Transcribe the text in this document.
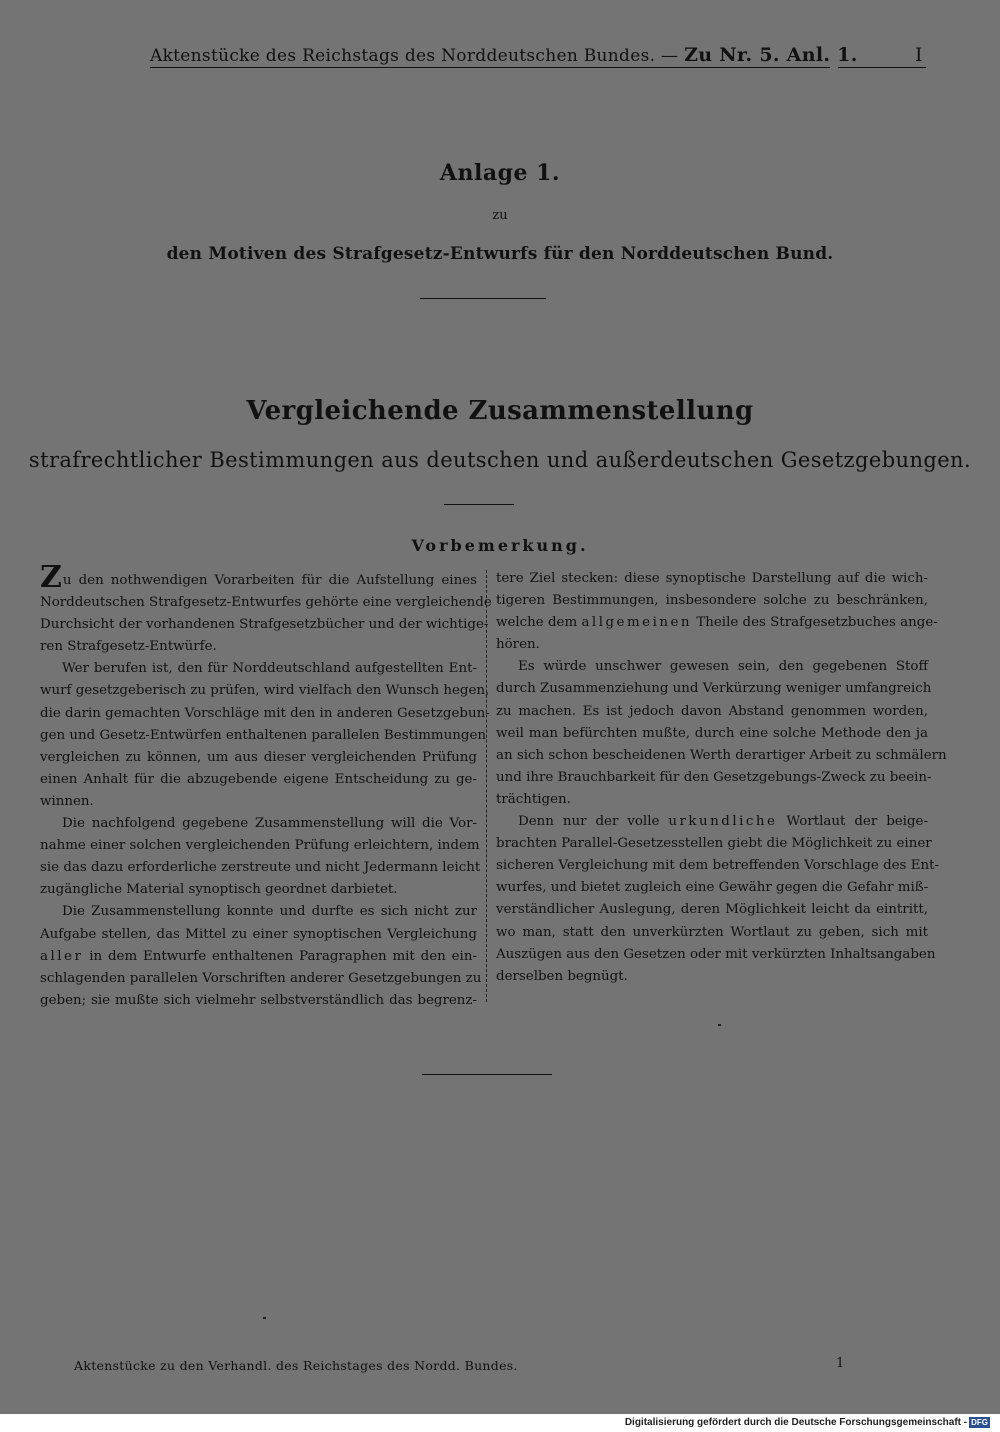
Aktenstücke des Reichstags des Norddeutschen Bundes. — Zu Nr. 5. Anl. 1.	I
Anlage 1.
zu
den Motiven des Strafgesetz-Entwurfs für den Norddeutschen Bund.
Vergleichende Zusammenstellung
strafrechtlicher Bestimmungen aus deutschen und außerdeutschen Gesetzgebungen.
Vorbemerkung.

Zu den nothwendigen Vorarbeiten für die Aufstellung eines

Norddeutschen Strafgesetz-Entwurfes gehörte eine vergleichende

Durchsicht der vorhandenen Strafgesetzbücher und der wichtige-

ren Strafgesetz-Entwürfe.

Wer berufen ist, den für Norddeutschland aufgestellten Ent-

wurf gesetzgeberisch zu prüfen, wird vielfach den Wunsch hegen,

die darin gemachten Vorschläge mit den in anderen Gesetzgebun-

gen und Gesetz-Entwürfen enthaltenen parallelen Bestimmungen

vergleichen zu können, um aus dieser vergleichenden Prüfung

einen Anhalt für die abzugebende eigene Entscheidung zu ge-

winnen.

Die nachfolgend gegebene Zusammenstellung will die Vor-

nahme einer solchen vergleichenden Prüfung erleichtern, indem

sie das dazu erforderliche zerstreute und nicht Jedermann leicht

zugängliche Material synoptisch geordnet darbietet.

Die Zusammenstellung konnte und durfte es sich nicht zur

Aufgabe stellen, das Mittel zu einer synoptischen Vergleichung

aller in dem Entwurfe enthaltenen Paragraphen mit den ein-

schlagenden parallelen Vorschriften anderer Gesetzgebungen zu

geben; sie mußte sich vielmehr selbstverständlich das begrenz-

tere Ziel stecken: diese synoptische Darstellung auf die wich-

tigeren Bestimmungen, insbesondere solche zu beschränken,

welche dem allgemeinen Theile des Strafgesetzbuches ange-

hören.

Es würde unschwer gewesen sein, den gegebenen Stoff

durch Zusammenziehung und Verkürzung weniger umfangreich

zu machen. Es ist jedoch davon Abstand genommen worden,

weil man befürchten mußte, durch eine solche Methode den ja

an sich schon bescheidenen Werth derartiger Arbeit zu schmälern

und ihre Brauchbarkeit für den Gesetzgebungs-Zweck zu beein-

trächtigen.

Denn nur der volle urkundliche Wortlaut der beige-

brachten Parallel-Gesetzesstellen giebt die Möglichkeit zu einer

sicheren Vergleichung mit dem betreffenden Vorschlage des Ent-

wurfes, und bietet zugleich eine Gewähr gegen die Gefahr miß-

verständlicher Auslegung, deren Möglichkeit leicht da eintritt,

wo man, statt den unverkürzten Wortlaut zu geben, sich mit

Auszügen aus den Gesetzen oder mit verkürzten Inhaltsangaben

derselben begnügt.

Aktenstücke zu den Verhandl. des Reichstages des Nordd. Bundes.	1
Digitalisierung gefördert durch die Deutsche Forschungsgemeinschaft - DFG
